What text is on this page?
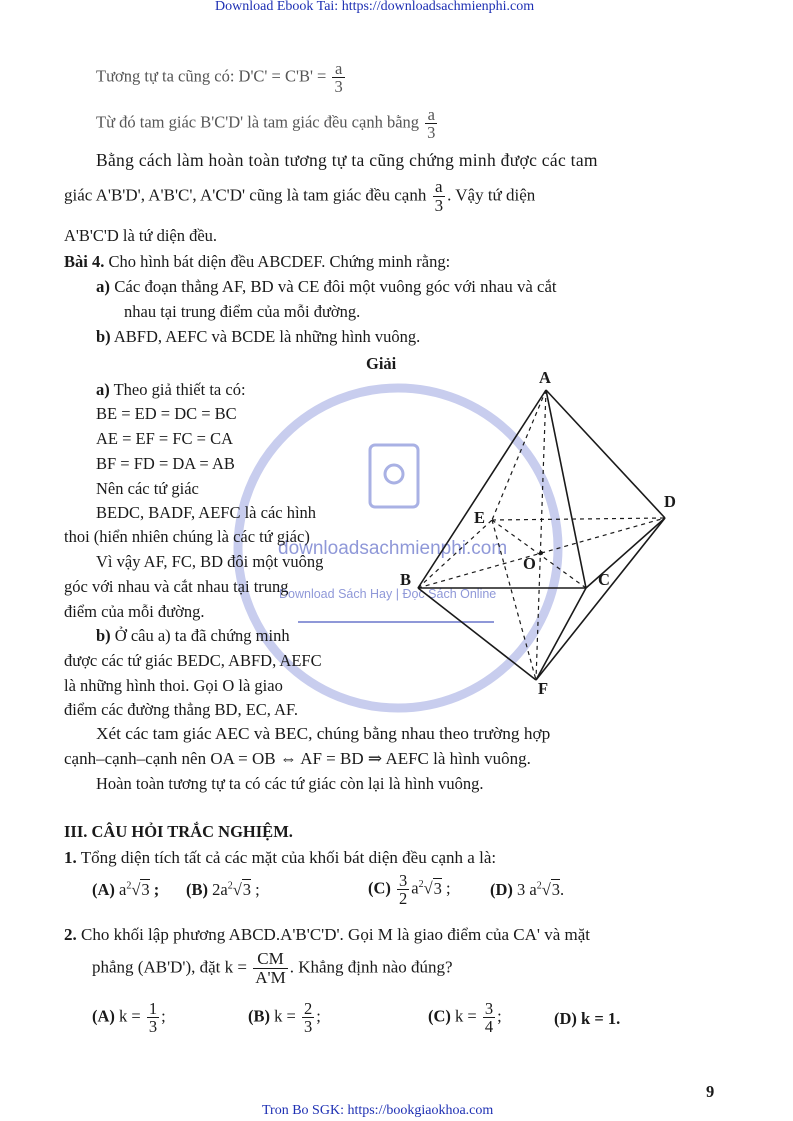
Download Ebook Tai: https://downloadsachmienphi.com
Tron Bo SGK: https://bookgiaokhoa.com
9
downloadsachmienphi.com
Download Sách Hay | Đọc Sách Online
Tương tự ta cũng có: $D'C' = C'B' = \frac{a}{3}$
Từ đó tam giác B'C'D' là tam giác đều cạnh bằng $\frac{a}{3}$
Bằng cách làm hoàn toàn tương tự ta cũng chứng minh được các tam
giác A'B'D', A'B'C', A'C'D' cũng là tam giác đều cạnh $\frac{a}{3}$ . Vậy tứ diện
A'B'C'D là tứ diện đều.
Bài 4. Cho hình bát diện đều ABCDEF. Chứng minh rằng:
a) Các đoạn thẳng AF, BD và CE đôi một vuông góc với nhau và cắt
nhau tại trung điểm của mỗi đường.
b) ABFD, AEFC và BCDE là những hình vuông.
Giải
a) Theo giả thiết ta có:
BE = ED = DC = BC
AE = EF = FC = CA
BF = FD = DA = AB
Nên các tứ giác
BEDC, BADF, AEFC là các hình
thoi (hiển nhiên chúng là các tứ giác)
Vì vậy AF, FC, BD đôi một vuông
góc với nhau và cắt nhau tại trung
điểm của mỗi đường.
b) Ở câu a) ta đã chứng minh
được các tứ giác BEDC, ABFD, AEFC
là những hình thoi. Gọi O là giao
điểm các đường thẳng BD, EC, AF.
Xét các tam giác AEC và BEC, chúng bằng nhau theo trường hợp
cạnh–cạnh–cạnh nên OA = OB ⇔ AF = BD ⇒ AEFC là hình vuông.
Hoàn toàn tương tự ta có các tứ giác còn lại là hình vuông.
A
B	C
D
E
F
O
III. CÂU HỎI TRẮC NGHIỆM.
1. Tổng diện tích tất cả các mặt của khối bát diện đều cạnh a là:
(A) $a^2√3$ ; (B) $2a^2√3$ ;	$(C) \frac{3}{2} a^2√3$ ; (D) 3 $a^2√3$.
2. Cho khối lập phương ABCD.A'B'C'D'. Gọi M là giao điểm của CA' và mặt
phẳng (AB'D'), đặt $k = \frac{CM}{A'M}$ . Khẳng định nào đúng?
(A) $k = \frac{1}{3}$ ;	(B) $k = \frac{2}{3}$ ;	(C) $k = \frac{3}{4}$ ;	(D) k = 1.
